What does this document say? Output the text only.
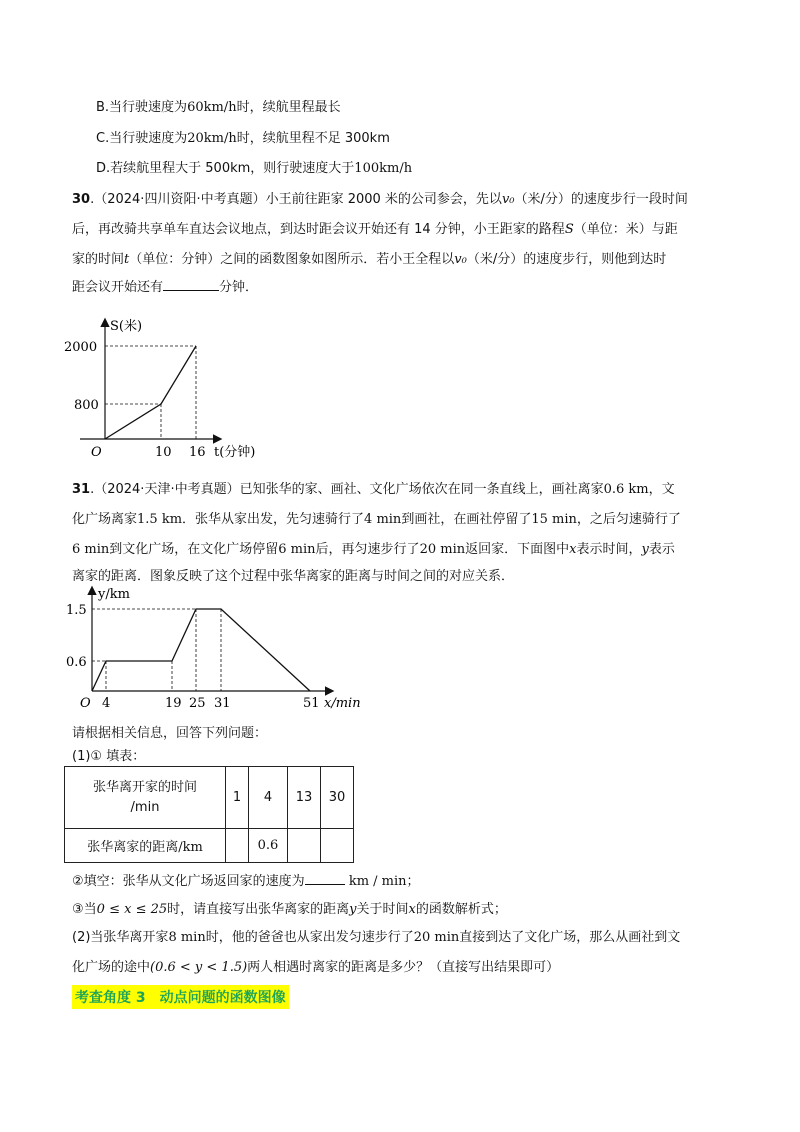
B.当行驶速度为60km/h时，续航里程最长
C.当行驶速度为20km/h时，续航里程不足 300km
D.若续航里程大于 500km，则行驶速度大于100km/h
30.（2024·四川资阳·中考真题）小王前往距家 2000 米的公司参会，先以v₀（米/分）的速度步行一段时间
后，再改骑共享单车直达会议地点，到达时距会议开始还有 14 分钟，小王距家的路程S（单位：米）与距
家的时间t（单位：分钟）之间的函数图象如图所示．若小王全程以v₀（米/分）的速度步行，则他到达时
距会议开始还有	分钟．
S(米)
2000
800
O	10 16 t(分钟)
31.（2024·天津·中考真题）已知张华的家、画社、文化广场依次在同一条直线上，画社离家0.6 km，文
化广场离家1.5 km．张华从家出发，先匀速骑行了4 min到画社，在画社停留了15 min，之后匀速骑行了
6 min到文化广场，在文化广场停留6 min后，再匀速步行了20 min返回家．下面图中x表示时间，y表示
离家的距离．图象反映了这个过程中张华离家的距离与时间之间的对应关系．
y/km
1.5
0.6
O 4	19 25 31	51 x/min
请根据相关信息，回答下列问题：
(1)① 填表：
张华离开家的时间
/min	1	4	13	30
张华离家的距离/km		0.6		
②填空：张华从文化广场返回家的速度为	km / min；
③当0 ≤ x ≤ 25时，请直接写出张华离家的距离y关于时间x的函数解析式；
(2)当张华离开家8 min时，他的爸爸也从家出发匀速步行了20 min直接到达了文化广场，那么从画社到文
化广场的途中(0.6 < y < 1.5)两人相遇时离家的距离是多少？（直接写出结果即可）
考查角度 3　动点问题的函数图像
